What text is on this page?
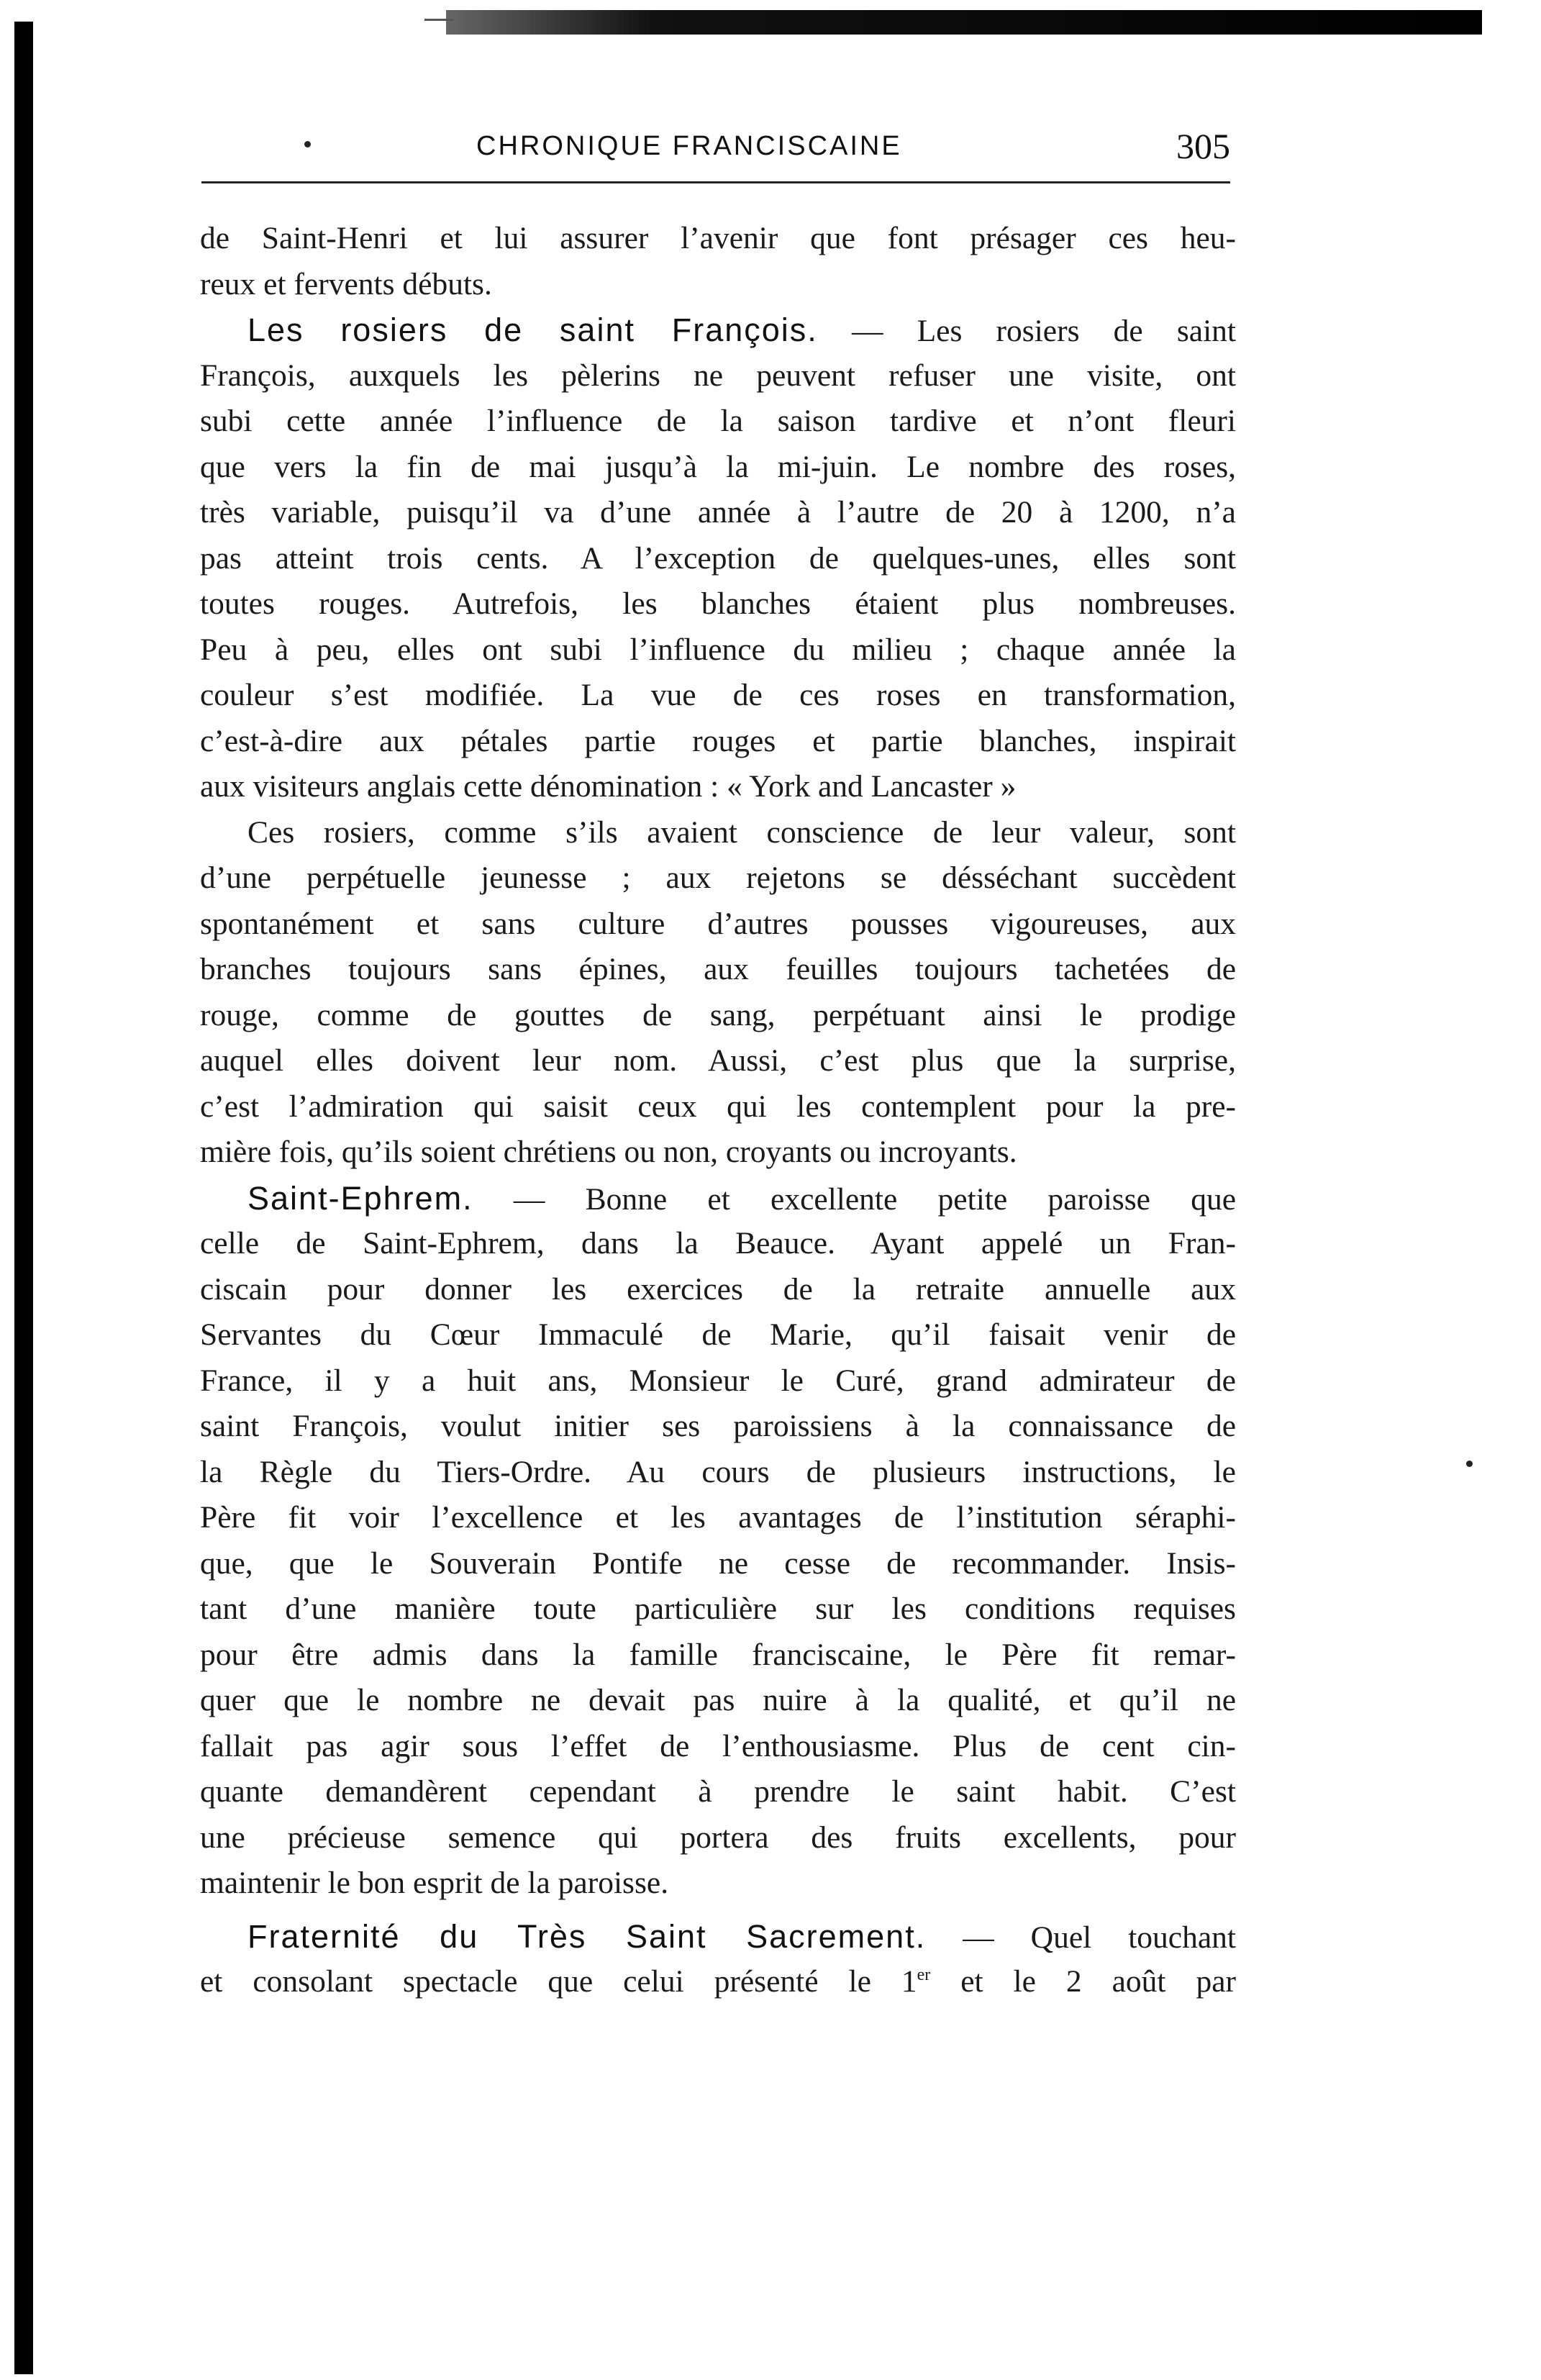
CHRONIQUE FRANCISCAINE	305
de Saint-Henri et lui assurer l’avenir que font présager ces heu-
reux et fervents débuts.
Les rosiers de saint François. — Les rosiers de saint
François, auxquels les pèlerins ne peuvent refuser une visite, ont
subi cette année l’influence de la saison tardive et n’ont fleuri
que vers la fin de mai jusqu’à la mi-juin. Le nombre des roses,
très variable, puisqu’il va d’une année à l’autre de 20 à 1200, n’a
pas atteint trois cents. A l’exception de quelques-unes, elles sont
toutes rouges. Autrefois, les blanches étaient plus nombreuses.
Peu à peu, elles ont subi l’influence du milieu ; chaque année la
couleur s’est modifiée. La vue de ces roses en transformation,
c’est-à-dire aux pétales partie rouges et partie blanches, inspirait
aux visiteurs anglais cette dénomination : « York and Lancaster »
Ces rosiers, comme s’ils avaient conscience de leur valeur, sont
d’une perpétuelle jeunesse ; aux rejetons se désséchant succèdent
spontanément et sans culture d’autres pousses vigoureuses, aux
branches toujours sans épines, aux feuilles toujours tachetées de
rouge, comme de gouttes de sang, perpétuant ainsi le prodige
auquel elles doivent leur nom. Aussi, c’est plus que la surprise,
c’est l’admiration qui saisit ceux qui les contemplent pour la pre-
mière fois, qu’ils soient chrétiens ou non, croyants ou incroyants.
Saint-Ephrem. — Bonne et excellente petite paroisse que
celle de Saint-Ephrem, dans la Beauce. Ayant appelé un Fran-
ciscain pour donner les exercices de la retraite annuelle aux
Servantes du Cœur Immaculé de Marie, qu’il faisait venir de
France, il y a huit ans, Monsieur le Curé, grand admirateur de
saint François, voulut initier ses paroissiens à la connaissance de
la Règle du Tiers-Ordre. Au cours de plusieurs instructions, le
Père fit voir l’excellence et les avantages de l’institution séraphi-
que, que le Souverain Pontife ne cesse de recommander. Insis-
tant d’une manière toute particulière sur les conditions requises
pour être admis dans la famille franciscaine, le Père fit remar-
quer que le nombre ne devait pas nuire à la qualité, et qu’il ne
fallait pas agir sous l’effet de l’enthousiasme. Plus de cent cin-
quante demandèrent cependant à prendre le saint habit. C’est
une précieuse semence qui portera des fruits excellents, pour
maintenir le bon esprit de la paroisse.
Fraternité du Très Saint Sacrement. — Quel touchant
et consolant spectacle que celui présenté le 1er et le 2 août par
